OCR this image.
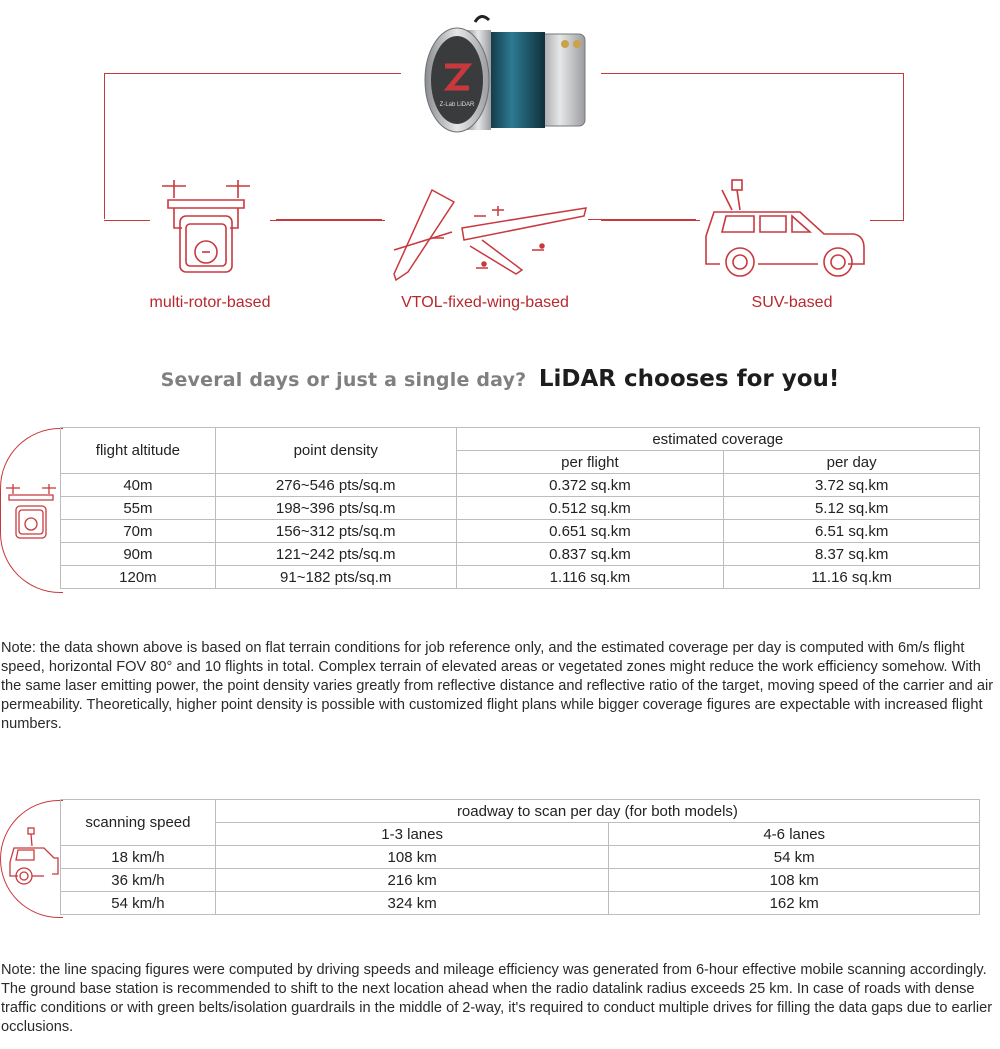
Z-Lab LiDAR
multi-rotor-based	VTOL-fixed-wing-based	SUV-based
Several days or just a single day? LiDAR chooses for you!
flight altitude	point density	estimated coverage	
		per flight	per day
40m	276~546 pts/sq.m	0.372 sq.km	3.72 sq.km
55m	198~396 pts/sq.m	0.512 sq.km	5.12 sq.km
70m	156~312 pts/sq.m	0.651 sq.km	6.51 sq.km
90m	121~242 pts/sq.m	0.837 sq.km	8.37 sq.km
120m	91~182 pts/sq.m	1.116 sq.km	11.16 sq.km
Note: the data shown above is based on flat terrain conditions for job reference only, and the estimated coverage per day is computed with 6m/s flight speed, horizontal FOV 80° and 10 flights in total. Complex terrain of elevated areas or vegetated zones might reduce the work efficiency somehow. With the same laser emitting power, the point density varies greatly from reflective distance and reflective ratio of the target, moving speed of the carrier and air permeability. Theoretically, higher point density is possible with customized flight plans while bigger coverage figures are expectable with increased flight numbers.
scanning speed	roadway to scan per day (for both models)	
	1-3 lanes	4-6 lanes
18 km/h	108 km	54 km
36 km/h	216 km	108 km
54 km/h	324 km	162 km
Note: the line spacing figures were computed by driving speeds and mileage efficiency was generated from 6-hour effective mobile scanning accordingly. The ground base station is recommended to shift to the next location ahead when the radio datalink radius exceeds 25 km. In case of roads with dense traffic conditions or with green belts/isolation guardrails in the middle of 2-way, it's required to conduct multiple drives for filling the data gaps due to earlier occlusions.
